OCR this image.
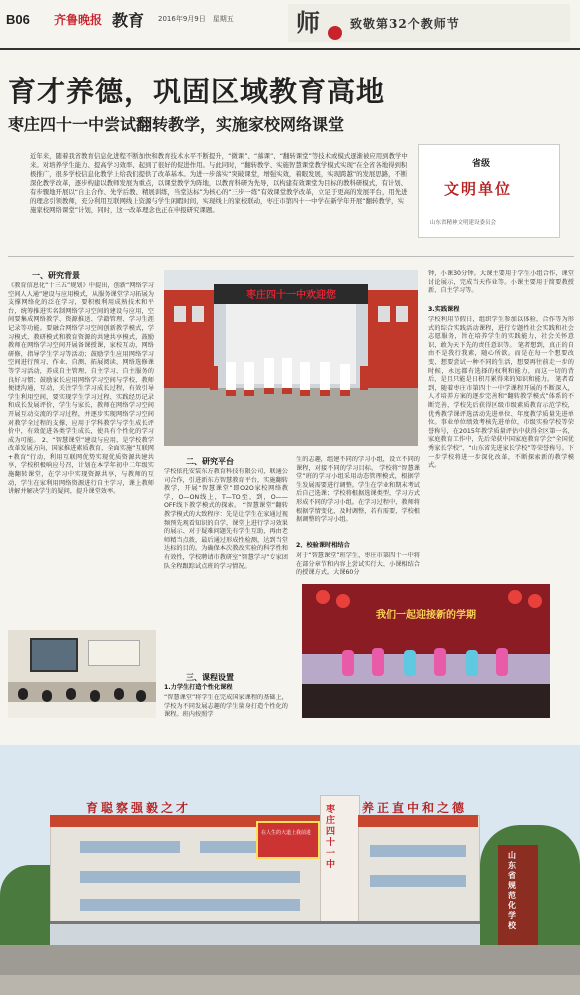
B06 齐鲁晚报 教育 2016年9月9日　星期五	师	致敬第32个教师节
育才养德，巩固区域教育高地
枣庄四十一中尝试翻转教学，实施家校网络课堂
近年来，随着我省教育信息化进程不断加快和教育技术水平不断提升，“微课”、“慕课”、“翻转课堂”等技术或模式逐渐被应用到教学中来。对培养学生能力、提高学习效率、起到了很好的促进作用。与此同时，“翻转教学、实施智慧课堂教学模式实现“在全省各地得到积极推广，很多学校信息化教学上给我们提供了改革基本。为进一步落实“突破课堂，增强实效，着眼发展，实现跨越”的发展思路，不断深化教学改革，逐步构建以教师发展为重点，以课堂教学为阵地，以教育科研为先导，以构建有效课堂为目标的教科研模式，有计划、有步骤地开展以“自主合作、先学后教、精展训练，当堂达标”为核心的“三步一练”有效课堂教学改革，立足于更高的发展平台，用先进的理念引领教师，充分利用互联网线上资源与学生闲暇时间，实现线上的家校联动，枣庄市第四十一中学在新学年开展“翻转教学，实施家校网络课堂”计划，同时，这一改革理念也正在申报研究课题。
省级
文明单位
山东省精神文明建设委员会
一、研究背景
《教育信息化“十三五”规划》中提出，创新“网络学习空间人人通”建设与应用模式，从服务课堂学习拓展为支撑网络化的泛在学习，要积极利用成熟技术和平台，统筹推进实名制网络学习空间的建设与应用，空间要集成网络教学、资源推送、学籍管理、学习生涯记录等功能。要融合网络学习空间创新教学模式，学习模式、教研模式和教育资源的共建共享模式，鼓励教师在网络学习空间开展备课授课，家校互动，网络研修，指导学生学习等活动；鼓励学生应用网络学习空间进行预习、作业、自测、拓展阅读、网络选修课等学习活动，养成自主管理、自主学习、自主服务的良好习惯；鼓励家长应用网络学习空间与学校、教师便捷沟通，互动，关注学生学习成长过程，有效引导学生利用空间，要实现学生学习过程、实践经历记录和成长发展评价，学生与家长，教师在网络学习空间开展互动交流的学习过程，并逐步实现网络学习空间对教学全过程的支撑，应用于学科教学与学生成长评价中，有效促进各类学生成长，使具有个性化的学习成为可能。 2、“智慧课堂”建设与应用，是学校教学改革发展方向，国家推进素质教育，全面实施“互联网+教育”行动，利用互联网优势实现优质资源共建共享，学校积极响应号召，计划在本学年初中二年级实施翻转课堂，在学习中实现资源共享，与教师的互动，学生在家利用网络资源进行自主学习，课上教师讲解并解决学生的疑问，提升课堂效率。
枣庄四十一中欢迎您
二、研究平台
学校依托安装东方教育科技有限公司，联通公司合作，引进新东方智慧教育平台，实施翻转教学，开展“智慧课堂”即O2O家校网络教学，O—ON线上，T—TO至，到，O——OFF线下教学模式的探索。 “智慧课堂”翻转教学模式的大致程序：先是让学生在家通过视频预先观看知识的自学，课堂上进行学习效果的展示、对于疑难问题先有学生互助，再由老师精当点拨，最后通过形成性检测，达到当堂达标的目的。为确保本次教改实验的科学性和有效性，学校聘请市教研室“智慧学习”专家团队全程跟踪试点班的学习情况。
三、课程设置
1.力学生打造个性化课程
“智慧课堂”将学生在完成国家课程的基础上，学校为不同发展志趣的学生量身打造个性化的课程。班内按照学
生的志趣，组建不同的学习小组，设立不同的课程，对接不同的学习目标。 学校将“智慧课堂”班的学习小组采用动态管理模式，根据学生发展需要进行调整。学生在学业和期末考试后自己选课；学校将根据选课类型，学习方式形成不同的学习小组。在学习过程中，教师将根据学情变化，及时调整，若有需要，学校根据调整的学习小组。
2、校验课时相结合
对于“智慧课堂”班学生，枣庄市第四十一中将在部分章节和内容上尝试实行大、小课相结合的授课方式。大课60分
我们一起迎接新的学期
钟，小课30分钟。大课主要用于学生小组合作，课堂讨论展示，完成当天作业等。小课主要用于简要教授新、自主学习等。
3.实践课程
学校利用节假日，组织学生参加以体验，合作等为形式的综合实践活动课程，进行专题性社会实践和社会志愿服务，旨在培养学生的实践能力，社会关怀意识，敢为天下先的责任意识等。 笔者想到，真正的自由不是我行我素，随心所欲。而是在每一个想要改变、想要尝试一种不同的生活，想要再往前走一步的时候，永远都有选择的权利和能力，而这一切的背后，是且只能是日积月累得来的知识和能力。 笔者看到，随着枣庄市第四十一中学课程开展的不断深入，人才培养方案的逐步完善和“翻转教学模式”体系的不断完善，学校先后获得区级市级素质教育示范学校，优秀教学课评选活动先进单位、年度教学质量先进单位。事业单位绩效考核先进单位，市级实验学校等荣誉称号，在2015年教学质量评估中获得全区第一名，家庭教育工作中，先后荣获中国家庭教育学会“全国优秀家长学校”、“山东省先进家长学校”等荣誉称号。下一步学校将进一步深化改革，不断探索新的教学模式。
枣庄四十一中
在人生的大道上我前进
育聪察强毅之才	养正直中和之德
山东省规范化学校
